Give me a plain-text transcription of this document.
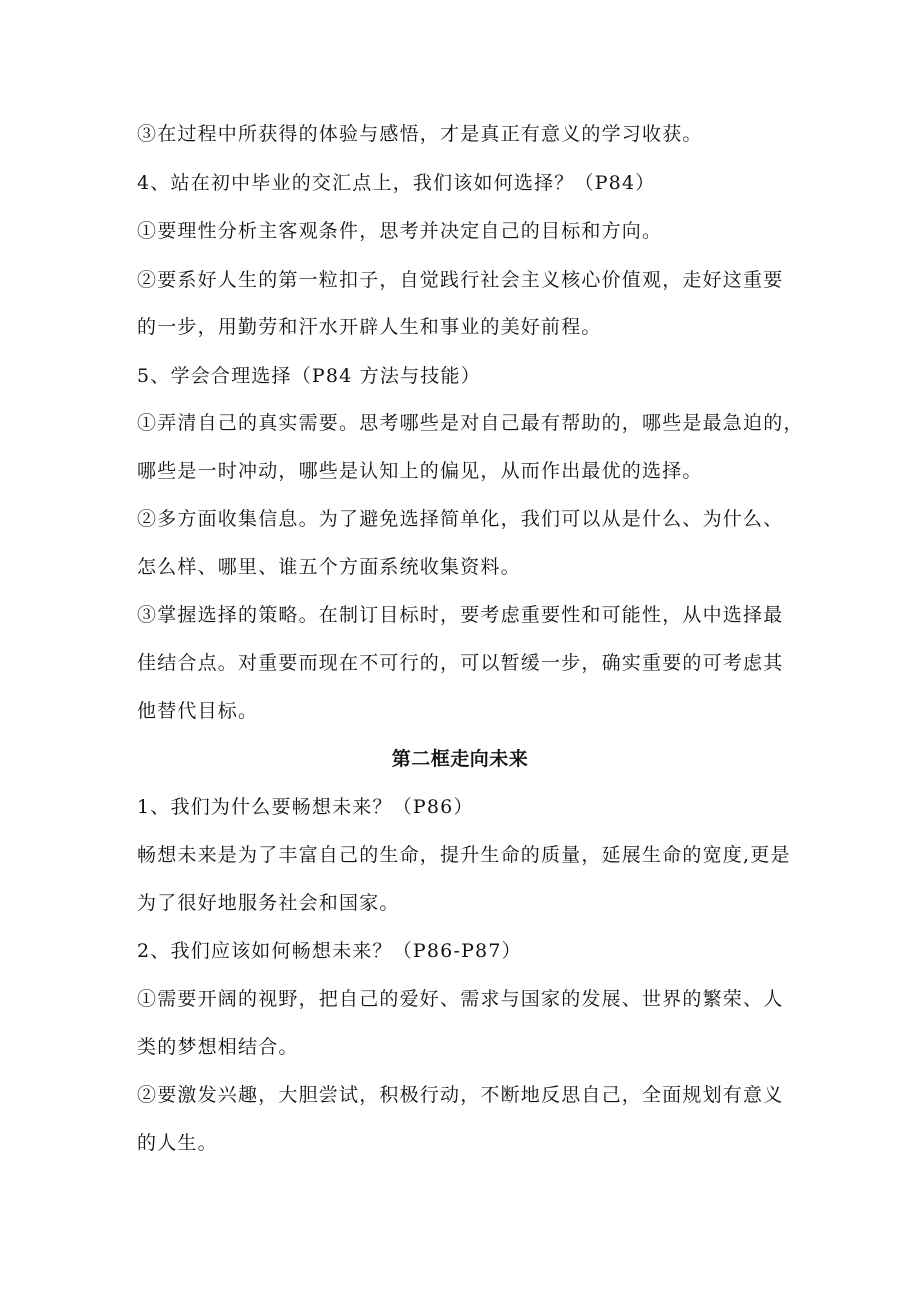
③在过程中所获得的体验与感悟，才是真正有意义的学习收获。
4、站在初中毕业的交汇点上，我们该如何选择？（P84）
①要理性分析主客观条件，思考并决定自己的目标和方向。
②要系好人生的第一粒扣子，自觉践行社会主义核心价值观，走好这重要
的一步，用勤劳和汗水开辟人生和事业的美好前程。
5、学会合理选择（P84 方法与技能）
①弄清自己的真实需要。思考哪些是对自己最有帮助的，哪些是最急迫的，
哪些是一时冲动，哪些是认知上的偏见，从而作出最优的选择。
②多方面收集信息。为了避免选择简单化，我们可以从是什么、为什么、
怎么样、哪里、谁五个方面系统收集资料。
③掌握选择的策略。在制订目标时，要考虑重要性和可能性，从中选择最
佳结合点。对重要而现在不可行的，可以暂缓一步，确实重要的可考虑其
他替代目标。
第二框走向未来
1、我们为什么要畅想未来？（P86）
畅想未来是为了丰富自己的生命，提升生命的质量，延展生命的宽度,更是
为了很好地服务社会和国家。
2、我们应该如何畅想未来？（P86-P87）
①需要开阔的视野，把自己的爱好、需求与国家的发展、世界的繁荣、人
类的梦想相结合。
②要激发兴趣，大胆尝试，积极行动，不断地反思自己，全面规划有意义
的人生。
